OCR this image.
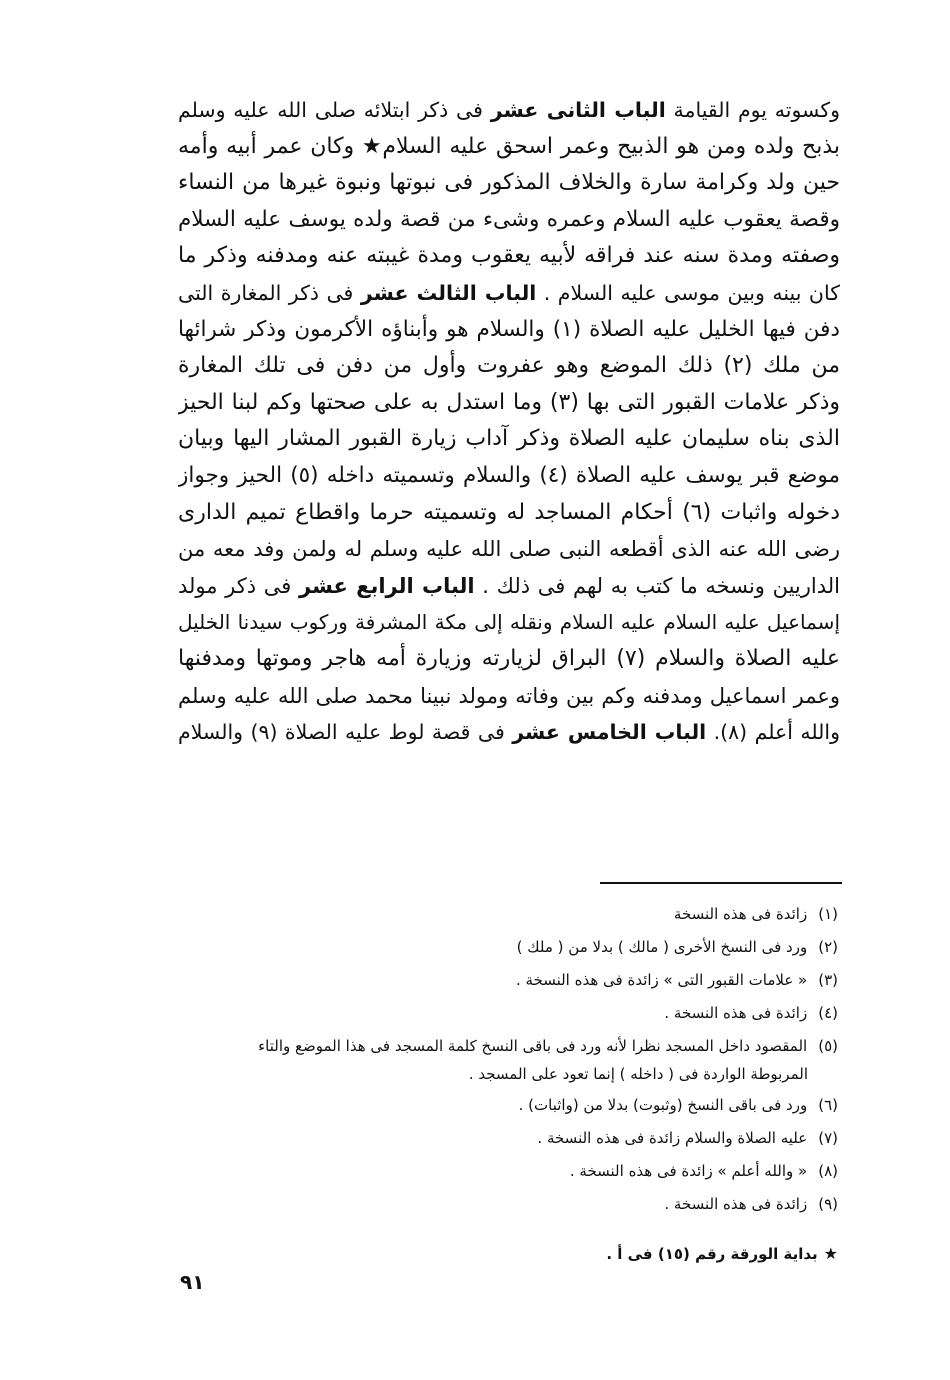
وكسوته يوم القيامة الباب الثانى عشر فى ذكر ابتلائه صلى الله عليه وسلم
بذبح ولده ومن هو الذبيح وعمر اسحق عليه السلام★ وكان عمر أبيه وأمه
حين ولد وكرامة سارة والخلاف المذكور فى نبوتها ونبوة غيرها من النساء
وقصة يعقوب عليه السلام وعمره وشىء من قصة ولده يوسف عليه السلام
وصفته ومدة سنه عند فراقه لأبيه يعقوب ومدة غيبته عنه ومدفنه وذكر ما
كان بينه وبين موسى عليه السلام . الباب الثالث عشر فى ذكر المغارة التى
دفن فيها الخليل عليه الصلاة (١) والسلام هو وأبناؤه الأكرمون وذكر شرائها
من ملك (٢) ذلك الموضع وهو عفروت وأول من دفن فى تلك المغارة
وذكر علامات القبور التى بها (٣) وما استدل به على صحتها وكم لبنا الحيز
الذى بناه سليمان عليه الصلاة وذكر آداب زيارة القبور المشار اليها وبيان
موضع قبر يوسف عليه الصلاة (٤) والسلام وتسميته داخله (٥) الحيز وجواز
دخوله واثبات (٦) أحكام المساجد له وتسميته حرما واقطاع تميم الدارى
رضى الله عنه الذى أقطعه النبى صلى الله عليه وسلم له ولمن وفد معه من
الداريين ونسخه ما كتب به لهم فى ذلك . الباب الرابع عشر فى ذكر مولد
إسماعيل عليه السلام عليه السلام ونقله إلى مكة المشرفة وركوب سيدنا الخليل
عليه الصلاة والسلام (٧) البراق لزيارته وزيارة أمه هاجر وموتها ومدفنها
وعمر اسماعيل ومدفنه وكم بين وفاته ومولد نبينا محمد صلى الله عليه وسلم
والله أعلم (٨). الباب الخامس عشر فى قصة لوط عليه الصلاة (٩) والسلام
(١) زائدة فى هذه النسخة
(٢) ورد فى النسخ الأخرى ( مالك ) بدلا من ( ملك )
(٣) « علامات القبور التى » زائدة فى هذه النسخة .
(٤) زائدة فى هذه النسخة .
(٥) المقصود داخل المسجد نظرا لأنه ورد فى باقى النسخ كلمة المسجد فى هذا الموضع والتاء
المربوطة الواردة فى ( داخله ) إنما تعود على المسجد .
(٦) ورد فى باقى النسخ (وثبوت) بدلا من (واثبات) .
(٧) عليه الصلاة والسلام زائدة فى هذه النسخة .
(٨) « والله أعلم » زائدة فى هذه النسخة .
(٩) زائدة فى هذه النسخة .
★بداية الورقة رقم (١٥) فى أ .
٩١
